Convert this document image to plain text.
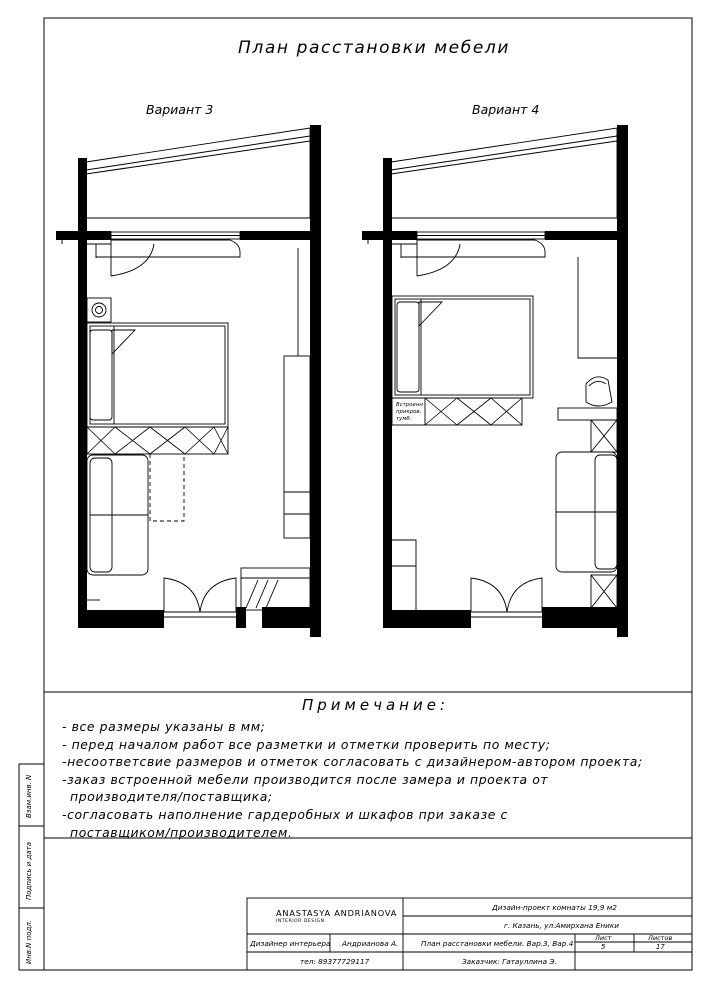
Встроенн
прикров.
тумб.
План расстановки мебели
Вариант 3	Вариант 4
Примечание:
- все размеры указаны в мм;
- перед началом работ все разметки и отметки проверить по месту;
-несоответсвие размеров и отметок согласовать с дизайнером-автором проекта;
-заказ встроенной мебели производится после замера и проекта от
производителя/поставщика;
-согласовать наполнение гардеробных и шкафов при заказе с
поставщиком/производителем.
Взам.инв. N
Подпись и дата
Инв.N подл.
ANASTASYA ANDRIANOVA
INTERIOR DESIGN
Дизайн-проект комнаты 19,9 м2
г. Казань, ул.Амирхана Еники
Дизайнер интерьера Андрианова А.
тел: 89377729117
План расстановки мебели. Вар.3, Вар.4
Заказчик: Гатауллина Э.
Лист	Листов
5	17
